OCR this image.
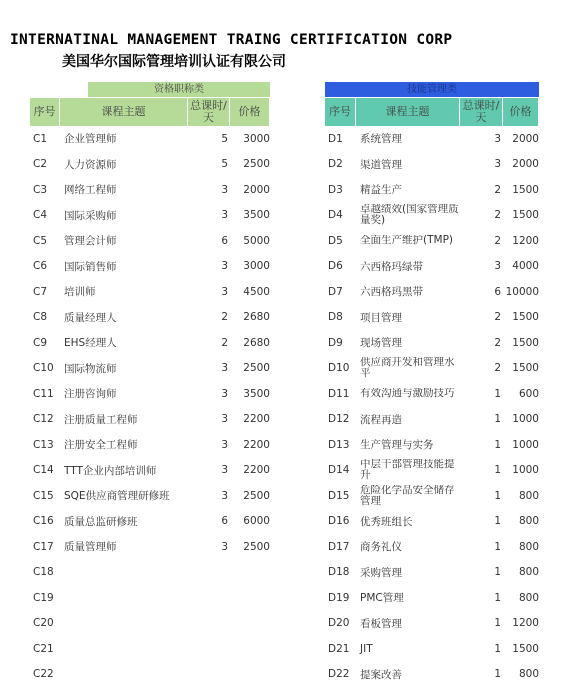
INTERNATINAL MANAGEMENT TRAING CERTIFICATION CORP
美国华尔国际管理培训认证有限公司
资格职称类
序号	课程主题	总课时/天	价格
C1	企业管理师	5	3000
C2	人力资源师	5	2500
C3	网络工程师	3	2000
C4	国际采购师	3	3500
C5	管理会计师	6	5000
C6	国际销售师	3	3000
C7	培训师	3	4500
C8	质量经理人	2	2680
C9	EHS经理人	2	2680
C10 国际物流师	3	2500
C11 注册咨询师	3	3500
C12 注册质量工程师	3	2200
C13 注册安全工程师	3	2200
C14 TTT企业内部培训师	3	2200
C15 SQE供应商管理研修班	3	2500
C16 质量总监研修班	6	6000
C17 质量管理师	3	2500
C18
C19
C20
C21
C22
技能管理类
序号	课程主题	总课时/天	价格
D1	系统管理	3	2000
D2	渠道管理	3	2000
D3	精益生产	2	1500
D4	卓越绩效(国家管理质量奖)	2	1500
D5	全面生产维护(TMP)	2	1200
D6	六西格玛绿带	3	4000
D7	六西格玛黑带	6 10000
D8	项目管理	2	1500
D9	现场管理	2	1500
D10	供应商开发和管理水平	2	1500
D11	有效沟通与激励技巧	1	600
D12	流程再造	1	1000
D13	生产管理与实务	1	1000
D14	中层干部管理技能提升	1	1000
D15	危险化学品安全储存管理	1	800
D16	优秀班组长	1	800
D17	商务礼仪	1	800
D18	采购管理	1	800
D19	PMC管理	1	800
D20	看板管理	1	1200
D21	JIT	1	1500
D22	提案改善	1	800
